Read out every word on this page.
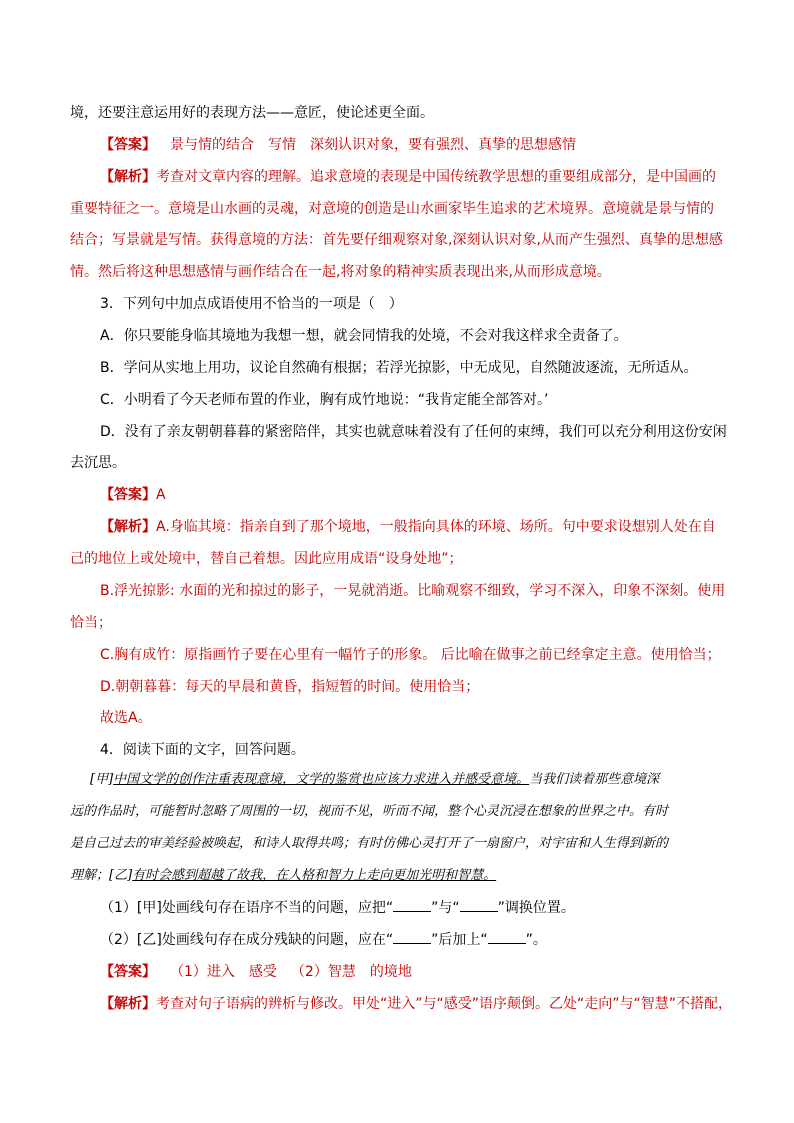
境，还要注意运用好的表现方法——意匠，使论述更全面。
【答案】 景与情的结合 写情 深刻认识对象，要有强烈、真挚的思想感情
【解析】考查对文章内容的理解。追求意境的表现是中国传统教学思想的重要组成部分，是中国画的
重要特征之一。意境是山水画的灵魂，对意境的创造是山水画家毕生追求的艺术境界。意境就是景与情的
结合；写景就是写情。获得意境的方法：首先要仔细观察对象,深刻认识对象,从而产生强烈、真挚的思想感
情。然后将这种思想感情与画作结合在一起,将对象的精神实质表现出来,从而形成意境。
3．下列句中加点成语使用不恰当的一项是（　）
A．你只要能身临其境地为我想一想，就会同情我的处境，不会对我这样求全责备了。
B．学问从实地上用功，议论自然确有根据；若浮光掠影，中无成见，自然随波逐流，无所适从。
C．小明看了今天老师布置的作业，胸有成竹地说：“我肯定能全部答对。’
D．没有了亲友朝朝暮暮的紧密陪伴，其实也就意味着没有了任何的束缚，我们可以充分利用这份安闲
去沉思。
【答案】A
【解析】A.身临其境：指亲自到了那个境地，一般指向具体的环境、场所。句中要求设想别人处在自
己的地位上或处境中，替自己着想。因此应用成语“设身处地”；
B.浮光掠影: 水面的光和掠过的影子，一晃就消逝。比喻观察不细致，学习不深入，印象不深刻。使用
恰当；
C.胸有成竹：原指画竹子要在心里有一幅竹子的形象。 后比喻在做事之前已经拿定主意。使用恰当；
D.朝朝暮暮：每天的早晨和黄昏，指短暂的时间。使用恰当；
故选A。
4．阅读下面的文字，回答问题。
[甲]中国文学的创作注重表现意境，文学的鉴赏也应该力求进入并感受意境。当我们读着那些意境深
远的作品时，可能暂时忽略了周围的一切，视而不见，听而不闻，整个心灵沉浸在想象的世界之中。有时
是自己过去的审美经验被唤起，和诗人取得共鸣；有时仿佛心灵打开了一扇窗户，对宇宙和人生得到新的
理解；[乙]有时会感到超越了故我，在人格和智力上走向更加光明和智慧。
（1）[甲]处画线句存在语序不当的问题，应把“	”与“	”调换位置。
（2）[乙]处画线句存在成分残缺的问题，应在“	”后加上“	”。
【答案】 （1）进入 感受 （2）智慧 的境地
【解析】考查对句子语病的辨析与修改。甲处“进入”与“感受”语序颠倒。乙处“走向”与“智慧”不搭配，
